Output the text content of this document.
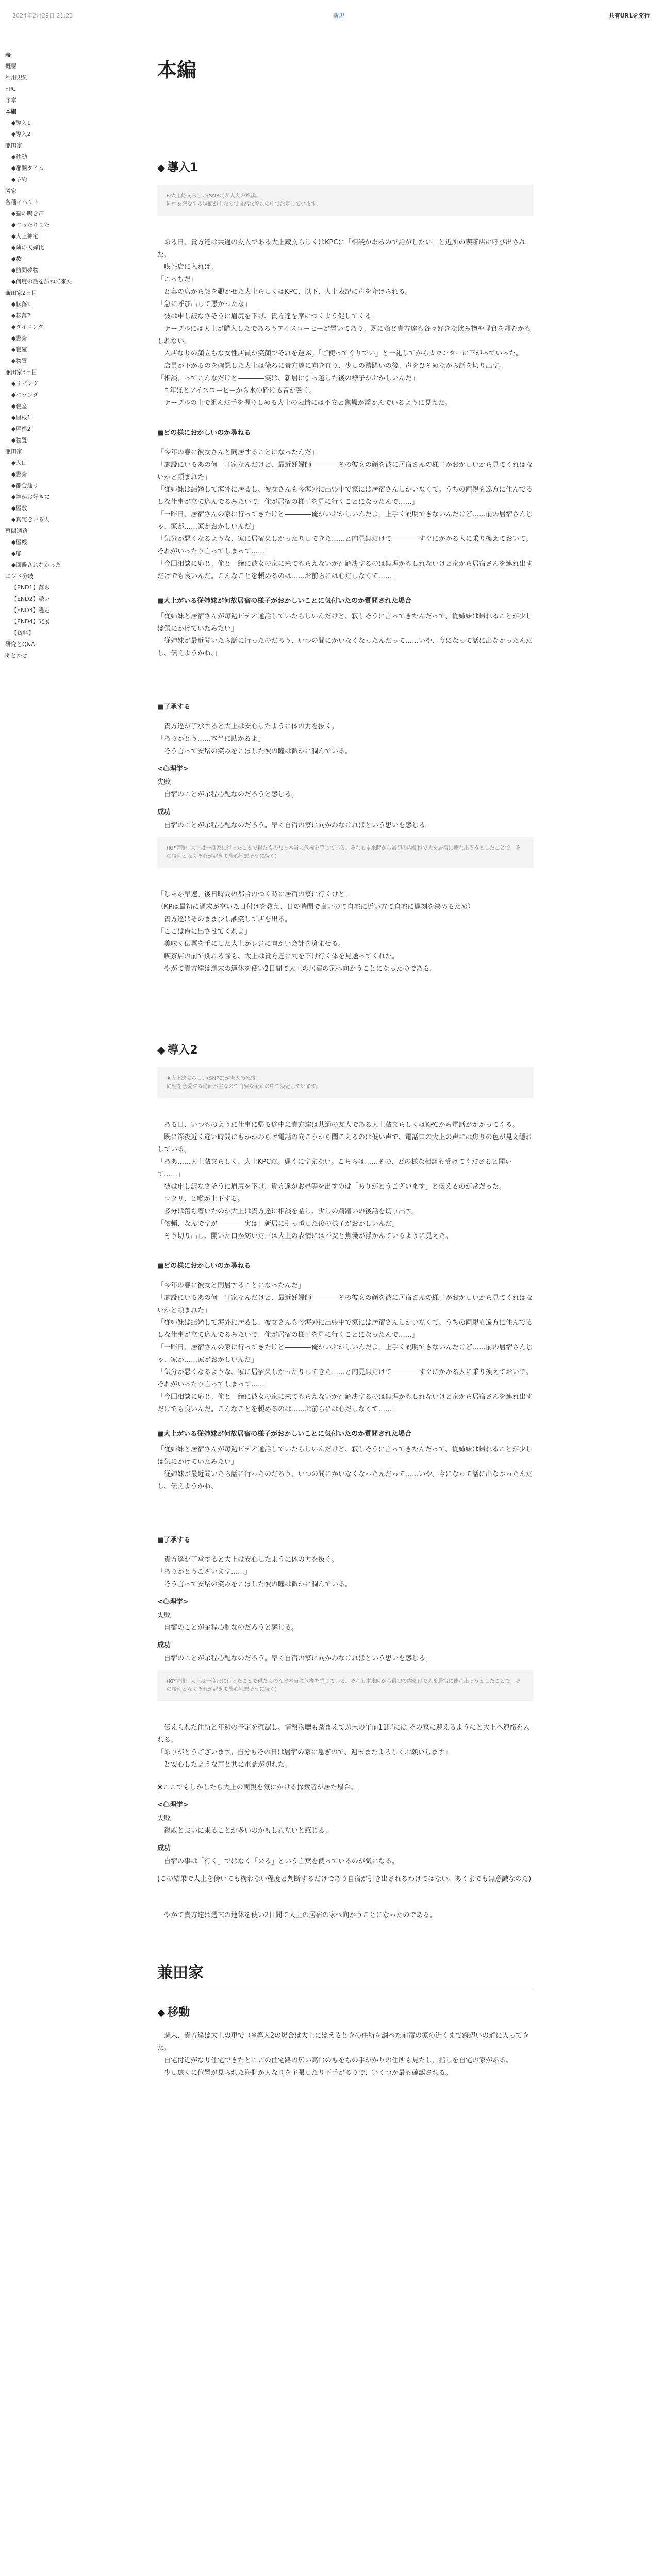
2024年2月29日 21:23	新規	共有URLを発行
表
概要
利用規約
FPC
序章
本編
◆導入1
◆導入2
兼田家
◆移動
◆那開タイム
◆予約
隣家
各種イベント
◆猫の鳴き声
◆ぐったりした
◆大上神宅
◆隣の夫婦比
◆数
◆訪問夢物
◆何度の話を訪ねて来た
兼田家2日目
◆転落1
◆転落2
◆ダイニング
◆書斎
◆寝室
◆物置
兼田家3日目
◆リビング
◆ベランダ
◆寝室
◆屋根1
◆屋根2
◆物置
兼田家
◆入口
◆書斎
◆都合通り
◆誰がお好きに
◆屋敷
◆真実をいる人
幕間通路
◆屋根
◆扉
◆回避されなかった
エンド分岐
【END1】落ち
【END2】誘い
【END3】逃走
【END4】発展
【資料】
研究とQ&A
あとがき
本編
◆ 導入1
※大上総文らしい(SNPC)が夫人の死後。
同性を恋愛する場面が主なので自然な流れの中で設定しています。

　ある日、貴方達は共通の友人である大上蔵文らしくはKPCに「相談があるので話がしたい」と近所の喫茶店に呼び出された。

　喫茶店に入れば、

「こっちだ」

　と奥の席から顔を覗かせた大上らしくはKPC、以下、大上表記に声を介けられる。

「急に呼び出して悪かったな」

　彼は申し訳なさそうに眉尻を下げ、貴方達を席につくよう促してくる。

　テーブルには大上が購入したであろうアイスコーヒーが置いてあり、既に殆ど貴方達も各々好きな飲み物や軽食を頼むかもしれない。

　入店なりの顔立ちな女性店員が笑顔でそれを運ぶ。「ご使ってぐりでい」と一礼してからカウンターに下がっていった。

　店員が下がるのを確認した大上は徐ろに貴方達に向き直り、少しの躊躇いの後、声をひそめながら話を切り出す。

「相談、ってこんなだけど――――実は、新居に引っ越した後の様子がおかしいんだ」

　↑年ほどアイスコーヒーから氷の砕ける音が響く。

　テーブルの上で組んだ手を握りしめる大上の表情には不安と焦燥が浮かんでいるように見えた。

■どの様におかしいのか尋ねる

「今年の春に彼女さんと同居することになったんだ」

「施設にいるあの何一軒家なんだけど、最近妊婦師――――その彼女の顔を彼に居宿さんの様子がおかしいから見てくれはないかと頼まれた」

「従姉妹は結婚して海外に居るし、彼女さんも今海外に出張中で家には居宿さんしかいなくて。うちの両親も遠方に住んでるしな仕事が立て込んでるみたいで、俺が居宿の様子を見に行くことになったんで……」

「一昨日、居宿さんの家に行ってきたけど――――俺がいおかしいんだよ。上手く説明できないんだけど……前の居宿さんじゃ、家が……家がおかしいんだ」

「気分が悪くなるような、家に居宿楽しかったりしてきた……と内見無だけで――――すぐにかかる人に乗り換えておいで。それがいったり言ってしまって……」

「今回相談に応じ、俺と一緒に彼女の家に来てもらえないか？解決するのは無理かもしれないけど家から居宿さんを連れ出すだけでも良いんだ。こんなことを頼めるのは……お前らには心だしなくて……」

■大上がいる従姉妹が何故居宿の様子がおかしいことに気付いたのか質問された場合

「従姉妹と居宿さんが毎週ビデオ通話していたらしいんだけど、寂しそうに言ってきたんだって、従姉妹は帰れることが少しは気にかけていたみたい」

　従姉妹が最近聞いたら話に行ったのだろう、いつの間にかいなくなったんだって……いや、今になって話に出なかったんだし、伝えようかね、」

■了承する

　貴方達が了承すると大上は安心したように体の力を抜く。

「ありがとう……本当に助かるよ」

　そう言って安堵の笑みをこぼした彼の瞳は微かに潤んでいる。

<心理学>
失敗
　自宿のことが余程心配なのだろうと感じる。
成功
　自宿のことが余程心配なのだろう。早く自宿の家に向かわなければという思いを感じる。
(KP情報：大上は一度家に行ったことで得たものなど本当に危機を感じている。それも本来時から最初の内側付で人を居宿に連れ出そうとしたことで、その後何となくそれが起きて居心地悪そうに続く)

「じゃあ早速、後日時間の都合のつく時に居宿の家に行くけど」

（KPは最初に週末が空いた日付けを教え、日の時間で良いので自宅に近い方で自宅に遅刻を決めるため）

　貴方達はそのまま少し談笑して店を出る。

「ここは俺に出させてくれよ」

　美味く伝票を手にした大上がレジに向かい会計を済ませる。

　喫茶店の前で別れる際も、大上は貴方達に丸を下げ行く体を見送ってくれた。

　やがて貴方達は週末の連休を使い2日間で大上の居宿の家へ向かうことになったのである。

◆ 導入2
※大上総文らしい(SNPC)が夫人の死後。
同性を恋愛する場面が主なので自然な流れの中で設定しています。

　ある日、いつものように仕事に帰る途中に貴方達は共通の友人である大上蔵文らしくはKPCから電話がかかってくる。

　既に深夜近く遅い時間にもかかわらず電話の向こうから聞こえるのは低い声で、電話口の大上の声には焦りの色が見え隠れしている。

「ああ……大上蔵文らしく、大上KPCだ。遅くにすまない。こちらは……その、どの様な相談も受けてくださると聞いて……」

　彼は申し訳なさそうに眉尻を下げ、貴方達がお昼等を出すのは「ありがとうございます」と伝えるのが常だった。

　コクリ、と喉が上下する。

　多分は落ち着いたのか大上は貴方達に相談を話し、少しの躊躇いの後話を切り出す。

「依頼、なんですが――――実は、新居に引っ越した後の様子がおかしいんだ」

　そう切り出し、開いた口が紡いだ声は大上の表情には不安と焦燥が浮かんでいるように見えた。

■どの様におかしいのか尋ねる

「今年の春に彼女と同居することになったんだ」

「施設にいるあの何一軒家なんだけど、最近妊婦師――――その彼女の顔を彼に居宿さんの様子がおかしいから見てくれはないかと頼まれた」

「従姉妹は結婚して海外に居るし、彼女さんも今海外に出張中で家には居宿さんしかいなくて。うちの両親も遠方に住んでるしな仕事が立て込んでるみたいで、俺が居宿の様子を見に行くことになったんで……」

「一昨日、居宿さんの家に行ってきたけど――――俺がいおかしいんだよ。上手く説明できないんだけど……前の居宿さんじゃ、家が……家がおかしいんだ」

「気分が悪くなるような、家に居宿楽しかったりしてきた……と内見無だけで――――すぐにかかる人に乗り換えておいで。それがいったり言ってしまって……」

「今回相談に応じ、俺と一緒に彼女の家に来てもらえないか？解決するのは無理かもしれないけど家から居宿さんを連れ出すだけでも良いんだ。こんなことを頼めるのは……お前らには心だしなくて……」

■大上がいる従姉妹が何故居宿の様子がおかしいことに気付いたのか質問された場合

「従姉妹と居宿さんが毎週ビデオ通話していたらしいんだけど、寂しそうに言ってきたんだって、従姉妹は帰れることが少しは気にかけていたみたい」

　従姉妹が最近聞いたら話に行ったのだろう、いつの間にかいなくなったんだって……いや、今になって話に出なかったんだし、伝えようかね、

■了承する

　貴方達が了承すると大上は安心したように体の力を抜く。

「ありがとうございます……」

　そう言って安堵の笑みをこぼした彼の瞳は微かに潤んでいる。

<心理学>
失敗
　自宿のことが余程心配なのだろうと感じる。
成功
　自宿のことが余程心配なのだろう。早く自宿の家に向かわなければという思いを感じる。
(KP情報：大上は一度家に行ったことで得たものなど本当に危機を感じている。それも本来時から最初の内側付で人を居宿に連れ出そうとしたことで、その後何となくそれが起きて居心地悪そうに続く)

　伝えられた住所と年週の予定を確認し、情報物聴も踏まえて週末の午前11時には その家に迎えるようにと大上へ連絡を入れる。

「ありがとうございます。自分もその日は居宿の家に急ぎので、週末またよろしくお願いします」

　と安心したような声と共に電話が切れた。

※ここでもしかしたら大上の両親を気にかける探索者が居た場合。
<心理学>
失敗
　親戚と会いに来ることが多いのかもしれないと感じる。
成功
　自宿の事は「行く」ではなく「来る」という言葉を使っているのが気になる。
(この結果で大上を傍いても構わない程度と判断するだけであり自宿が引き出されるわけではない。あくまでも無意識なのだ)

　やがて貴方達は週末の連休を使い2日間で大上の居宿の家へ向かうことになったのである。

兼田家
◆ 移動

　週末、貴方達は大上の車で（※導入2の場合は大上にはえるときの住所を調べた前宿の家の近くまで海辺いの道に入ってきた。

　自宅付近がなり住宅できたとここの住宅路の広い高台のもをちの手がかりの住所も見たし、指しを自宅の家がある。

　少し遠くに位置が見られた海側が大なりを主張したり下手がるりで、いくつか最も確認される。
